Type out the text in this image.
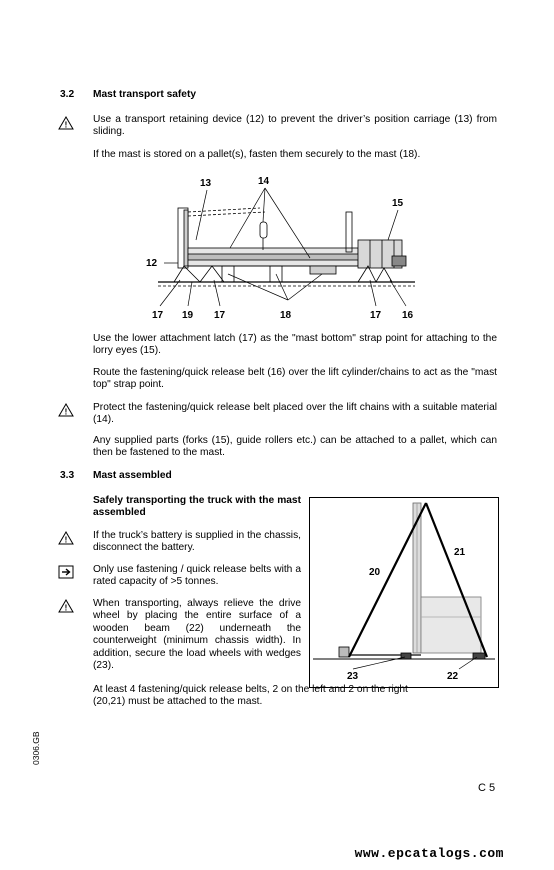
3.2 Mast transport safety
!	Use a transport retaining device (12) to prevent the driver’s position carriage (13) from sliding.
If the mast is stored on a pallet(s), fasten them securely to the mast (18).
13	14
15
12
17 19 17	18	17 16
Use the lower attachment latch (17) as the "mast bottom" strap point for attaching to the lorry eyes (15).
Route the fastening/quick release belt (16) over the lift cylinder/chains to act as the "mast top" strap point.
!	Protect the fastening/quick release belt placed over the lift chains with a suitable material (14).
Any supplied parts (forks (15), guide rollers etc.) can be attached to a pallet, which can then be fastened to the mast.
3.3 Mast assembled
Safely transporting the truck with the mast assembled
!	If the truck’s battery is supplied in the chassis, disconnect the battery.
Only use fastening / quick release belts with a rated capacity of >5 tonnes.
!	When transporting, always relieve the drive wheel by placing the entire surface of a wooden beam (22) underneath the counterweight (minimum chassis width). In addition, secure the load wheels with wedges (23).
At least 4 fastening/quick release belts, 2 on the left and 2 on the right (20,21) must be attached to the mast.
21
20
23	22
0306.GB
C 5
www.epcatalogs.com
